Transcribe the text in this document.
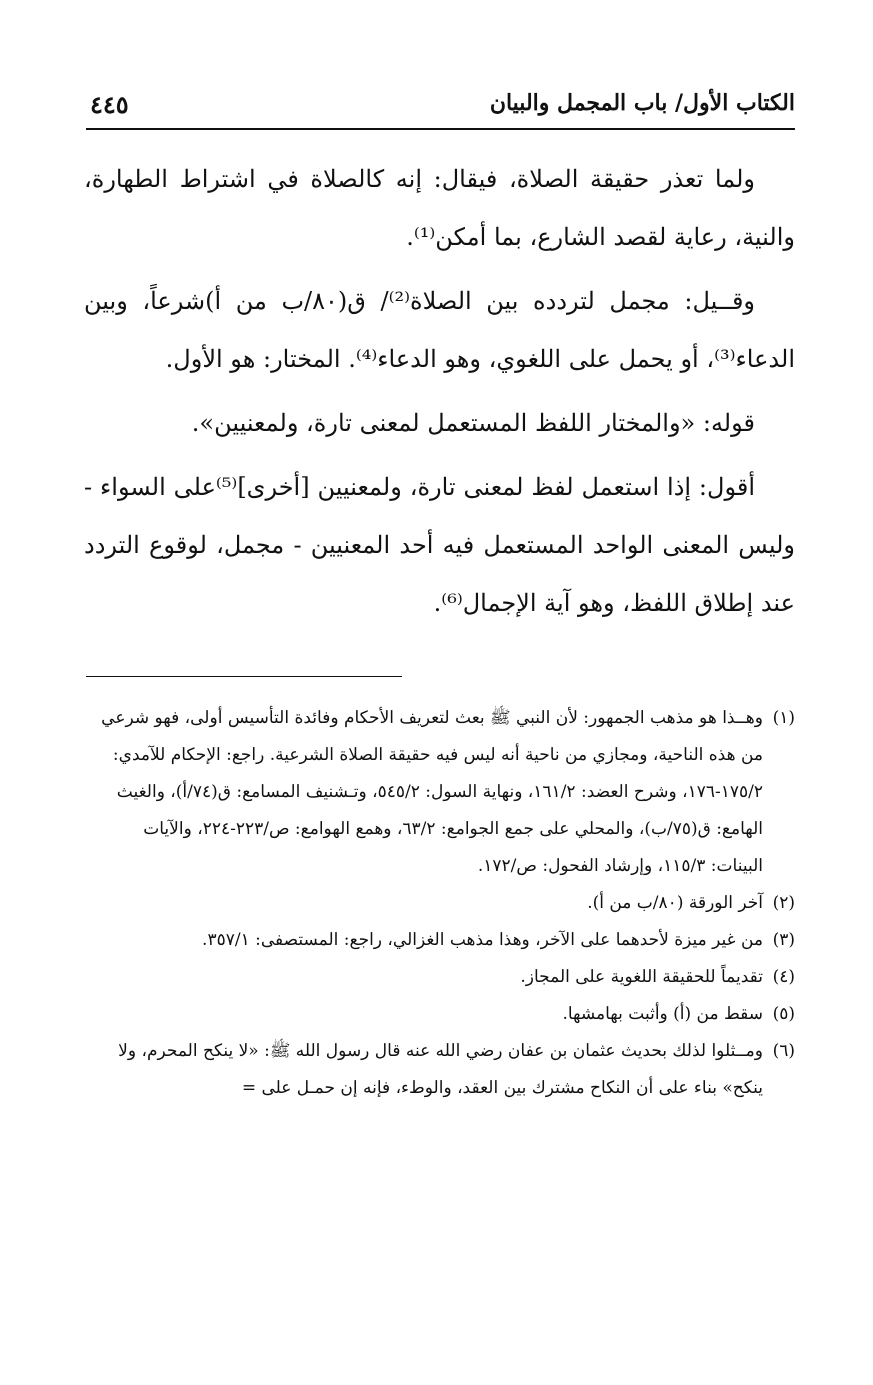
الكتاب الأول/ باب المجمل والبيان
٤٤٥

ولما تعذر حقيقة الصلاة، فيقال: إنه كالصلاة في اشتراط الطهارة، والنية، رعاية لقصد الشارع، بما أمكن⁽¹⁾.

وقــيل: مجمل لتردده بين الصلاة⁽²⁾/ ق(٨٠/ب من أ)شرعاً، وبين الدعاء⁽³⁾، أو يحمل على اللغوي، وهو الدعاء⁽⁴⁾. المختار: هو الأول.

قوله: «والمختار اللفظ المستعمل لمعنى تارة، ولمعنيين».

أقول: إذا استعمل لفظ لمعنى تارة، ولمعنيين [أخرى]⁽⁵⁾على السواء - وليس المعنى الواحد المستعمل فيه أحد المعنيين - مجمل، لوقوع التردد عند إطلاق اللفظ، وهو آية الإجمال⁽⁶⁾.

(١)وهــذا هو مذهب الجمهور: لأن النبي ﷺ بعث لتعريف الأحكام وفائدة التأسيس أولى، فهو شرعي من هذه الناحية، ومجازي من ناحية أنه ليس فيه حقيقة الصلاة الشرعية. راجع: الإحكام للآمدي: ١٧٥/٢-١٧٦، وشرح العضد: ١٦١/٢، ونهاية السول: ٥٤٥/٢، وتـشنيف المسامع: ق(٧٤/أ)، والغيث الهامع: ق(٧٥/ب)، والمحلي على جمع الجوامع: ٦٣/٢، وهمع الهوامع: ص/٢٢٣-٢٢٤، والآيات البينات: ١١٥/٣، وإرشاد الفحول: ص/١٧٢.

(٢)آخر الورقة (٨٠/ب من أ).

(٣)من غير ميزة لأحدهما على الآخر، وهذا مذهب الغزالي، راجع: المستصفى: ٣٥٧/١.

(٤)تقديماً للحقيقة اللغوية على المجاز.

(٥)سقط من (أ) وأثبت بهامشها.

(٦)ومــثلوا لذلك بحديث عثمان بن عفان رضي الله عنه قال رسول الله ﷺ: «لا ينكح المحرم، ولا ينكح» بناء على أن النكاح مشترك بين العقد، والوطء، فإنه إن حمـل على =
